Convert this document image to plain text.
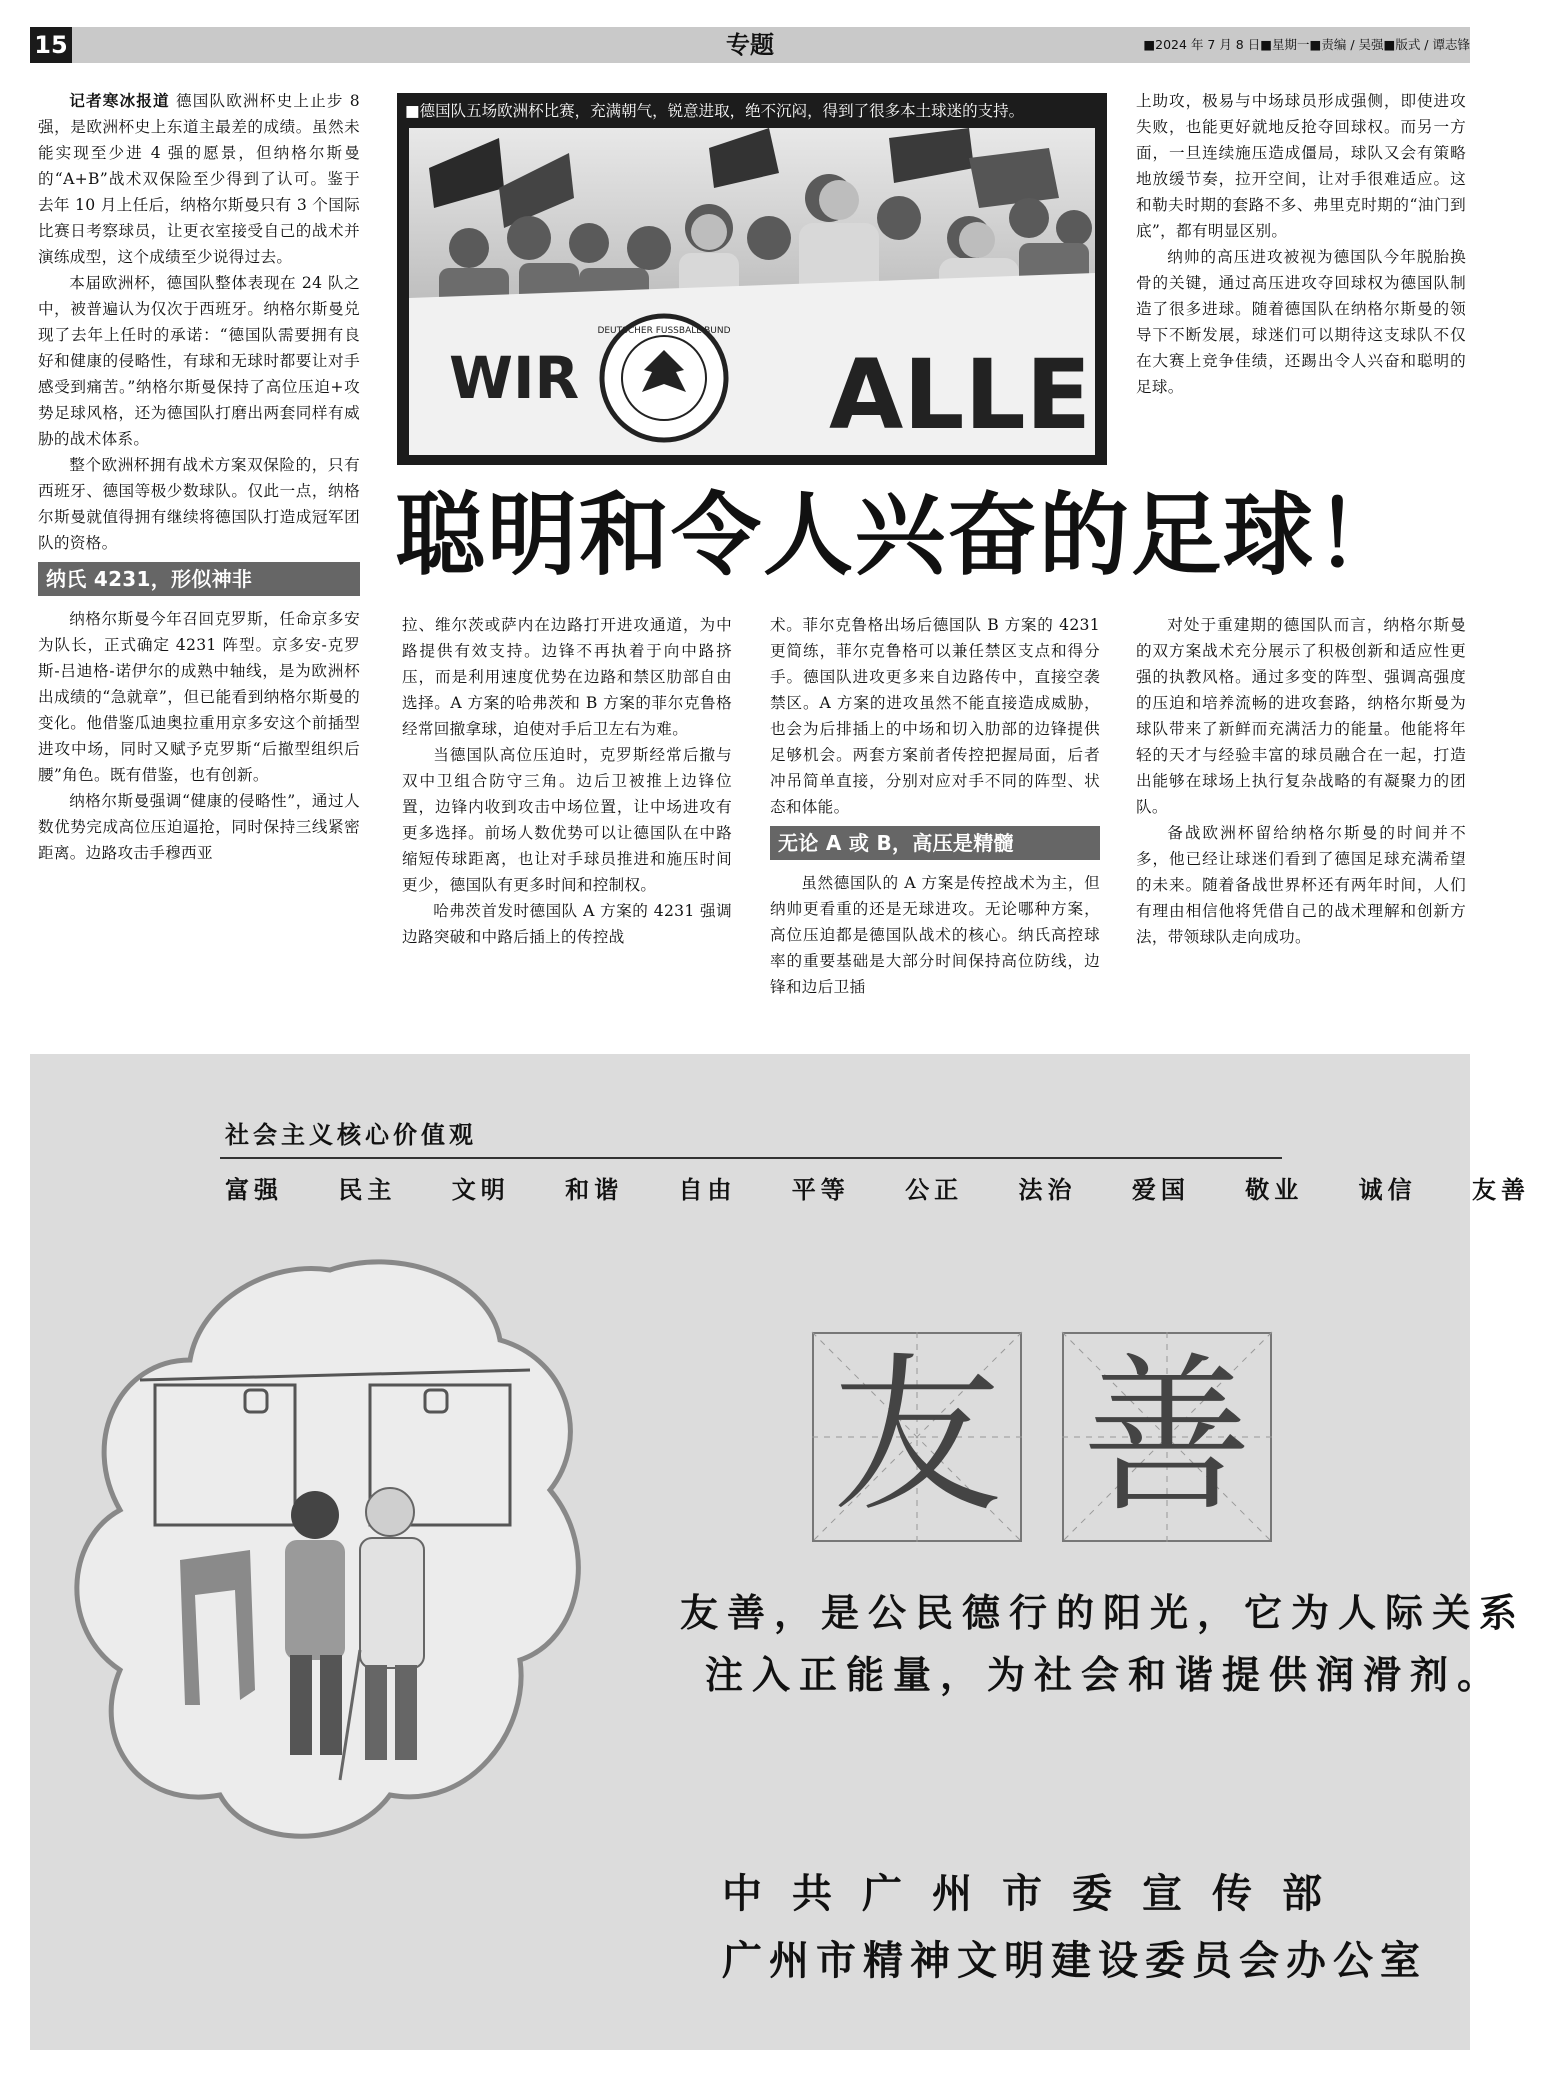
15	专题	■2024 年 7 月 8 日■星期一■责编 / 吴强■版式 / 谭志锋

记者寒冰报道 德国队欧洲杯史上止步 8 强，是欧洲杯史上东道主最差的成绩。虽然未能实现至少进 4 强的愿景，但纳格尔斯曼的“A+B”战术双保险至少得到了认可。鉴于去年 10 月上任后，纳格尔斯曼只有 3 个国际比赛日考察球员，让更衣室接受自己的战术并演练成型，这个成绩至少说得过去。

本届欧洲杯，德国队整体表现在 24 队之中，被普遍认为仅次于西班牙。纳格尔斯曼兑现了去年上任时的承诺：“德国队需要拥有良好和健康的侵略性，有球和无球时都要让对手感受到痛苦。”纳格尔斯曼保持了高位压迫+攻势足球风格，还为德国队打磨出两套同样有威胁的战术体系。

整个欧洲杯拥有战术方案双保险的，只有西班牙、德国等极少数球队。仅此一点，纳格尔斯曼就值得拥有继续将德国队打造成冠军团队的资格。

纳氏 4231，形似神非

纳格尔斯曼今年召回克罗斯，任命京多安为队长，正式确定 4231 阵型。京多安-克罗斯-吕迪格-诺伊尔的成熟中轴线，是为欧洲杯出成绩的“急就章”，但已能看到纳格尔斯曼的变化。他借鉴瓜迪奥拉重用京多安这个前插型进攻中场，同时又赋予克罗斯“后撤型组织后腰”角色。既有借鉴，也有创新。

纳格尔斯曼强调“健康的侵略性”，通过人数优势完成高位压迫逼抢，同时保持三线紧密距离。边路攻击手穆西亚

■德国队五场欧洲杯比赛，充满朝气，锐意进取，绝不沉闷，得到了很多本土球迷的支持。
WIR
DEUTSCHER FUSSBALL BUND
ALLE
聪明和令人兴奋的足球！

拉、维尔茨或萨内在边路打开进攻通道，为中路提供有效支持。边锋不再执着于向中路挤压，而是利用速度优势在边路和禁区肋部自由选择。A 方案的哈弗茨和 B 方案的菲尔克鲁格经常回撤拿球，迫使对手后卫左右为难。

当德国队高位压迫时，克罗斯经常后撤与双中卫组合防守三角。边后卫被推上边锋位置，边锋内收到攻击中场位置，让中场进攻有更多选择。前场人数优势可以让德国队在中路缩短传球距离，也让对手球员推进和施压时间更少，德国队有更多时间和控制权。

哈弗茨首发时德国队 A 方案的 4231 强调边路突破和中路后插上的传控战

术。菲尔克鲁格出场后德国队 B 方案的 4231 更简练，菲尔克鲁格可以兼任禁区支点和得分手。德国队进攻更多来自边路传中，直接空袭禁区。A 方案的进攻虽然不能直接造成威胁，也会为后排插上的中场和切入肋部的边锋提供足够机会。两套方案前者传控把握局面，后者冲吊简单直接，分别对应对手不同的阵型、状态和体能。

无论 A 或 B，高压是精髓

虽然德国队的 A 方案是传控战术为主，但纳帅更看重的还是无球进攻。无论哪种方案，高位压迫都是德国队战术的核心。纳氏高控球率的重要基础是大部分时间保持高位防线，边锋和边后卫插

上助攻，极易与中场球员形成强侧，即使进攻失败，也能更好就地反抢夺回球权。而另一方面，一旦连续施压造成僵局，球队又会有策略地放缓节奏，拉开空间，让对手很难适应。这和勒夫时期的套路不多、弗里克时期的“油门到底”，都有明显区别。

纳帅的高压进攻被视为德国队今年脱胎换骨的关键，通过高压进攻夺回球权为德国队制造了很多进球。随着德国队在纳格尔斯曼的领导下不断发展，球迷们可以期待这支球队不仅在大赛上竞争佳绩，还踢出令人兴奋和聪明的足球。

对处于重建期的德国队而言，纳格尔斯曼的双方案战术充分展示了积极创新和适应性更强的执教风格。通过多变的阵型、强调高强度的压迫和培养流畅的进攻套路，纳格尔斯曼为球队带来了新鲜而充满活力的能量。他能将年轻的天才与经验丰富的球员融合在一起，打造出能够在球场上执行复杂战略的有凝聚力的团队。

备战欧洲杯留给纳格尔斯曼的时间并不多，他已经让球迷们看到了德国足球充满希望的未来。随着备战世界杯还有两年时间，人们有理由相信他将凭借自己的战术理解和创新方法，带领球队走向成功。

社会主义核心价值观
富强 民主 文明 和谐 自由 平等 公正 法治 爱国 敬业 诚信 友善
友 善
友善，是公民德行的阳光，它为人际关系
注入正能量，为社会和谐提供润滑剂。
中共广州市委宣传部
广州市精神文明建设委员会办公室
